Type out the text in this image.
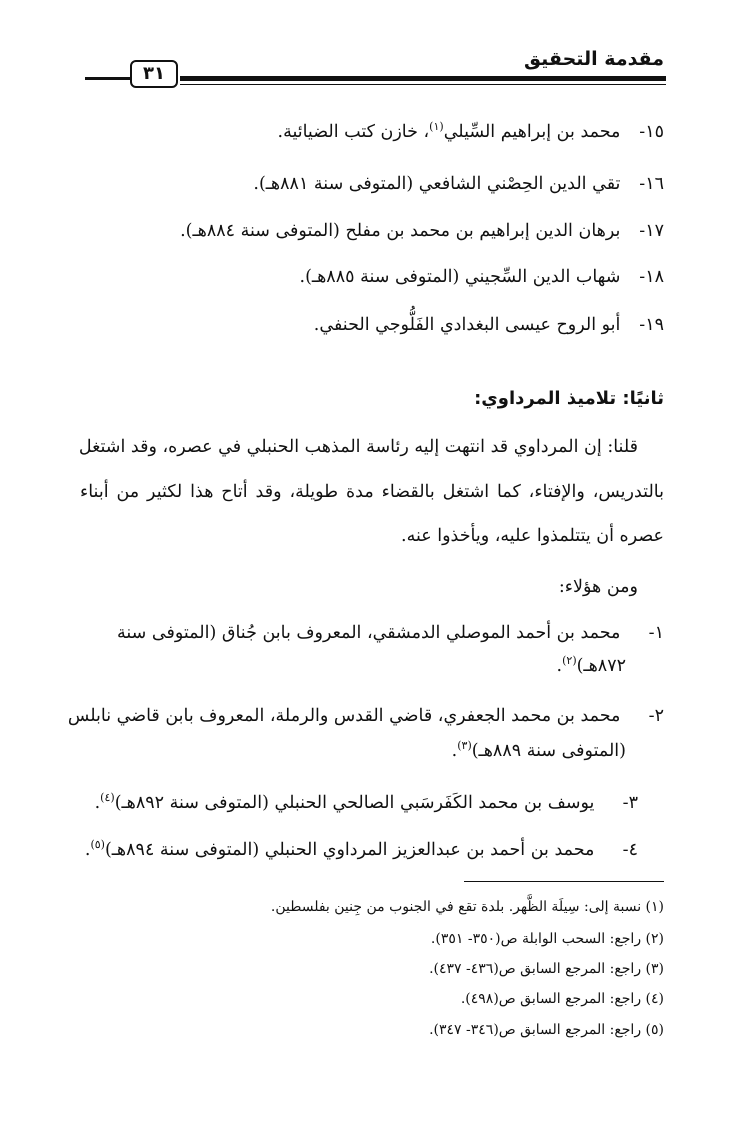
مقدمة التحقيق
٣١
١٥- محمد بن إبراهيم السِّيلي$^{(١)}$، خازن كتب الضيائية.
١٦- تقي الدين الحِصْني الشافعي (المتوفى سنة ٨٨١هـ).
١٧- برهان الدين إبراهيم بن محمد بن مفلح (المتوفى سنة ٨٨٤هـ).
١٨- شهاب الدين السِّجيني (المتوفى سنة ٨٨٥هـ).
١٩- أبو الروح عيسى البغدادي الفَلُّوجي الحنفي.
ثانيًا: تلاميذ المرداوي:
قلنا: إن المرداوي قد انتهت إليه رئاسة المذهب الحنبلي في عصره، وقد اشتغل
بالتدريس، والإفتاء، كما اشتغل بالقضاء مدة طويلة، وقد أتاح هذا لكثير من أبناء
عصره أن يتتلمذوا عليه، ويأخذوا عنه.
ومن هؤلاء:
١- محمد بن أحمد الموصلي الدمشقي، المعروف بابن جُناق (المتوفى سنة
٨٧٢هـ)$^{(٢)}$.
٢- محمد بن محمد الجعفري، قاضي القدس والرملة، المعروف بابن قاضي نابلس
(المتوفى سنة ٨٨٩هـ)$^{(٣)}$.
٣- يوسف بن محمد الكَفَرسَبي الصالحي الحنبلي (المتوفى سنة ٨٩٢هـ)$^{(٤)}$.
٤- محمد بن أحمد بن عبدالعزيز المرداوي الحنبلي (المتوفى سنة ٨٩٤هـ)$^{(٥)}$.
(١) نسبة إلى: سِيلَة الظَّهر. بلدة تقع في الجنوب من جِنين بفلسطين.
(٢) راجع: السحب الوابلة ص(٣٥٠- ٣٥١).
(٣) راجع: المرجع السابق ص(٤٣٦- ٤٣٧).
(٤) راجع: المرجع السابق ص(٤٩٨).
(٥) راجع: المرجع السابق ص(٣٤٦- ٣٤٧).
